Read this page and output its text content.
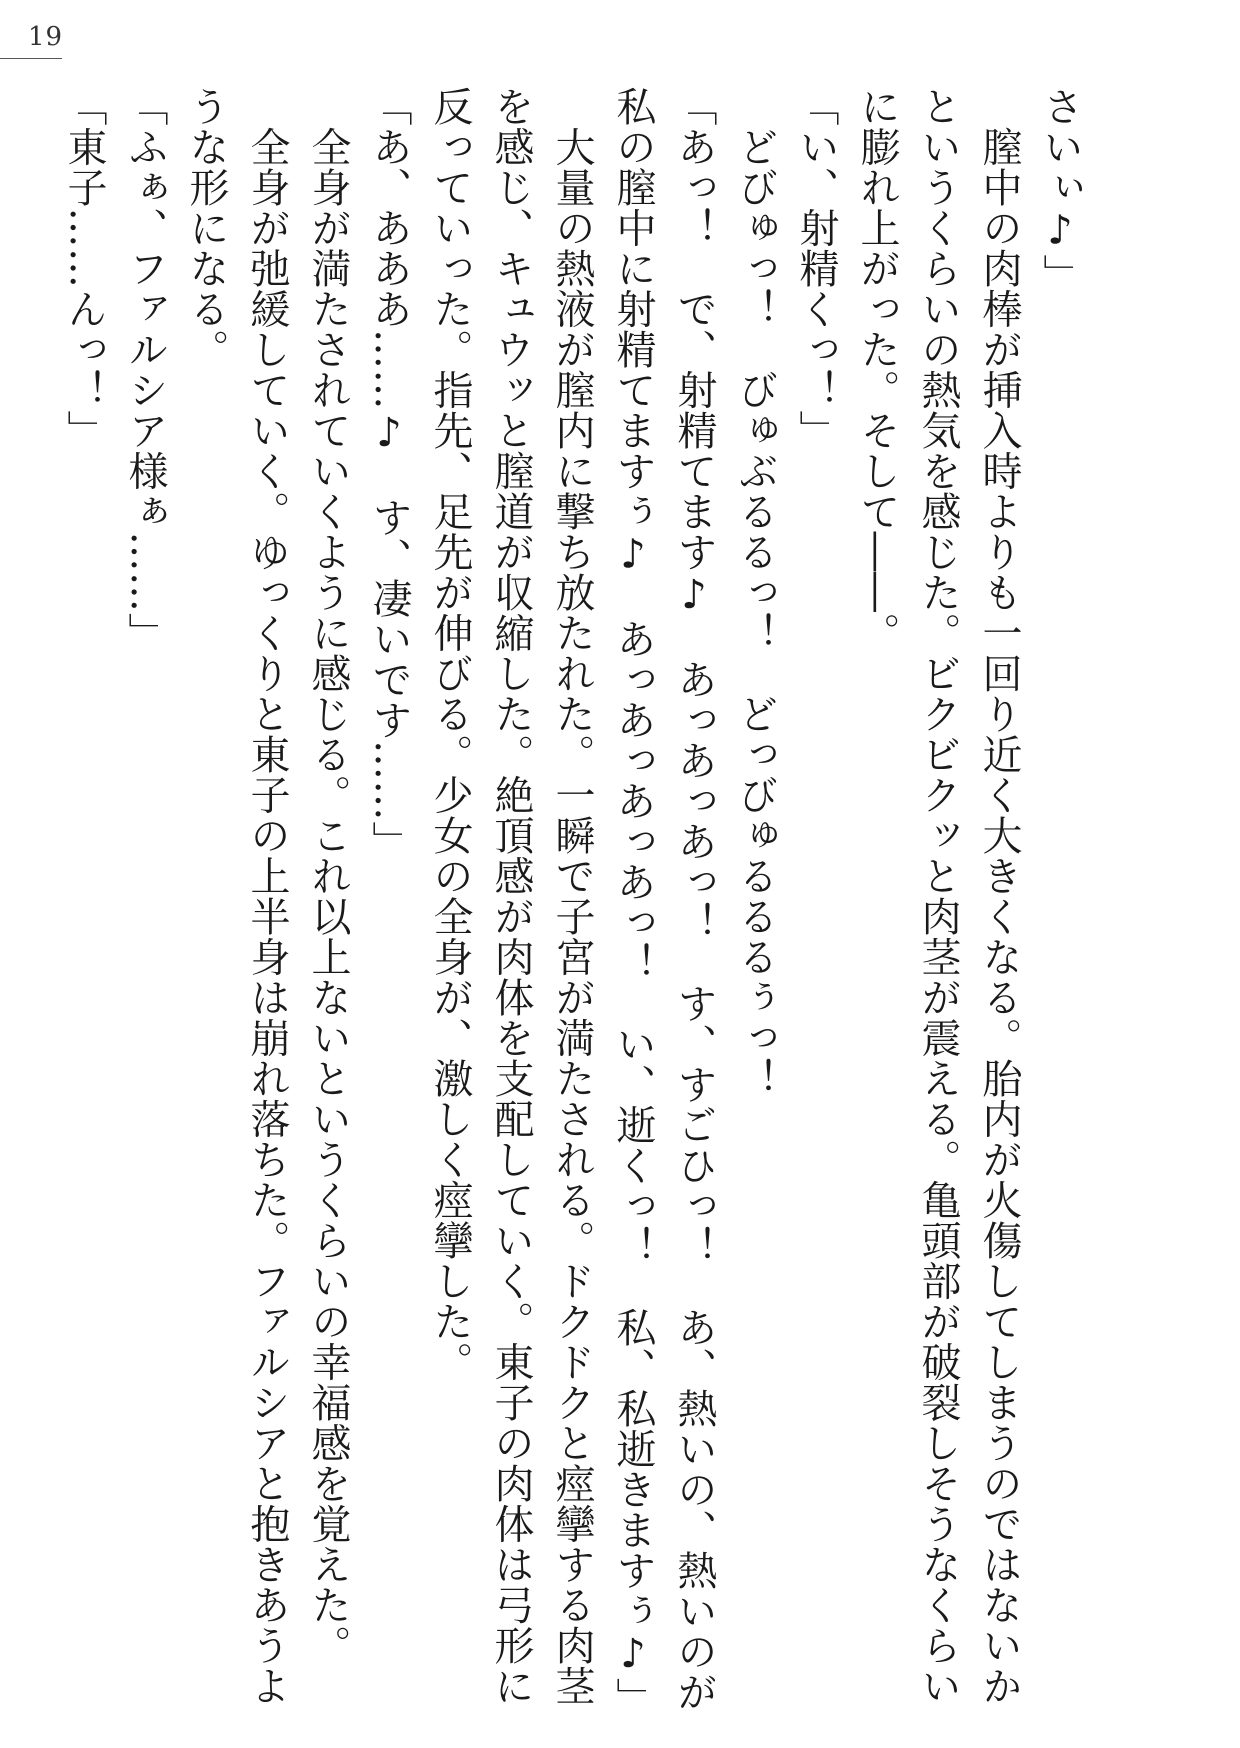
19
さいぃ♪」
　膣中の肉棒が挿入時よりも一回り近く大きくなる。胎内が火傷してしまうのではないか
というくらいの熱気を感じた。ビクビクッと肉茎が震える。亀頭部が破裂しそうなくらい
に膨れ上がった。そして――。
「い、射精くっ！」
　どびゅっ！　びゅぶるるっ！　どっびゅるるるぅっ！
「あっ！　で、射精てます♪　あっあっあっ！　す、すごひっ！　あ、熱いの、熱いのが
私の膣中に射精てますぅ♪　あっあっあっあっ！　い、逝くっ！　私、私逝きますぅ♪」
　大量の熱液が膣内に撃ち放たれた。一瞬で子宮が満たされる。ドクドクと痙攣する肉茎
を感じ、キュウッと膣道が収縮した。絶頂感が肉体を支配していく。東子の肉体は弓形に
反っていった。指先、足先が伸びる。少女の全身が、激しく痙攣した。
「あ、あああ……♪　す、凄いです……」
　全身が満たされていくように感じる。これ以上ないというくらいの幸福感を覚えた。
　全身が弛緩していく。ゆっくりと東子の上半身は崩れ落ちた。ファルシアと抱きあうよ
うな形になる。
「ふぁ、ファルシア様ぁ……」
「東子……んっ！」
